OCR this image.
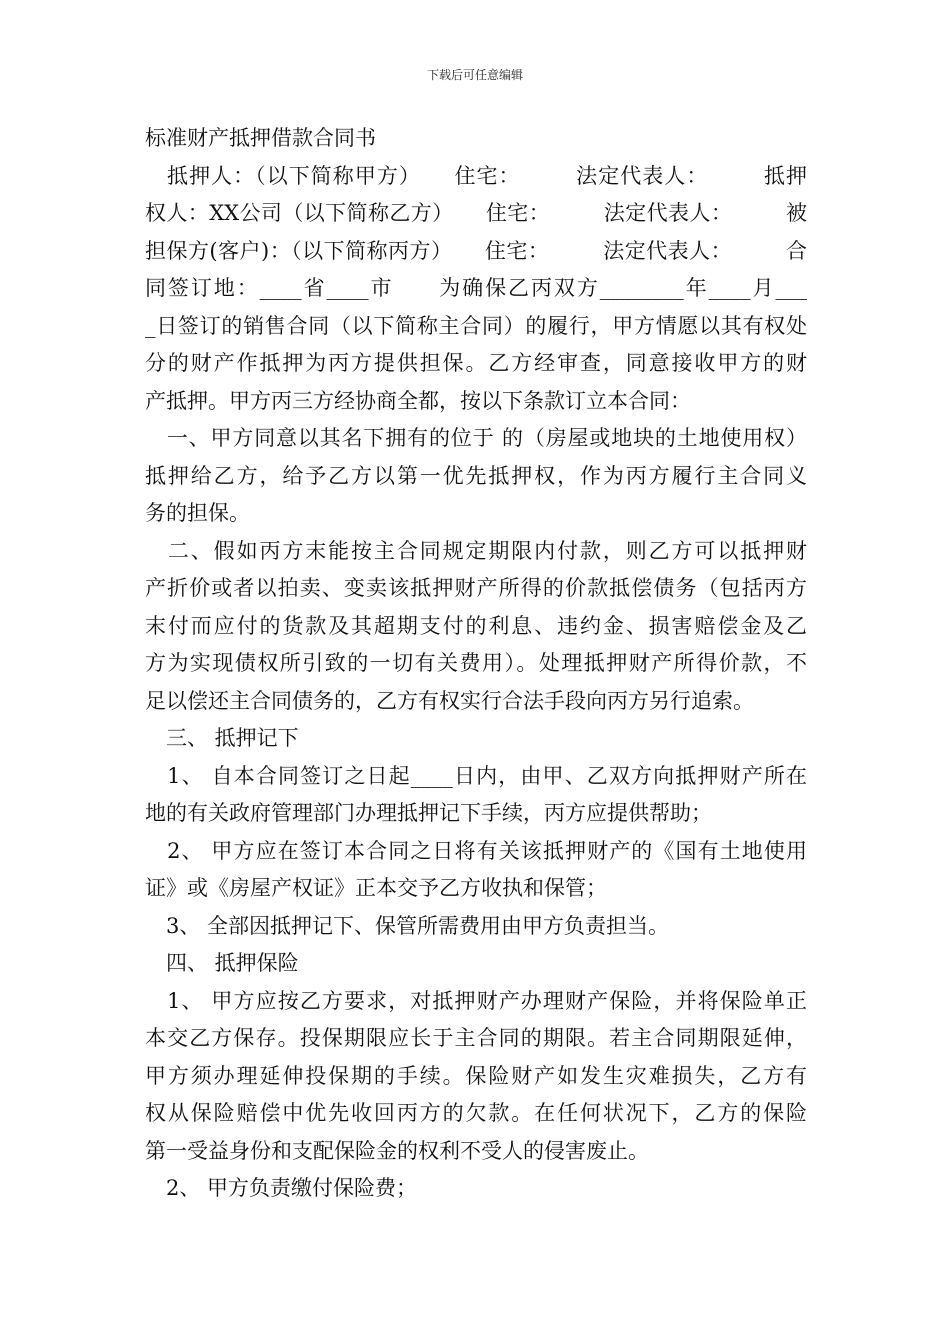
下载后可任意编辑
标准财产抵押借款合同书
　抵押人：（以下简称甲方）　　住宅：　　　法定代表人：　　　抵押
权人：XX公司（以下简称乙方）　　住宅：　　　法定代表人：　　　被
担保方(客户)：（以下简称丙方）　　住宅：　　　法定代表人：　　　合
同签订地：____省____市　　为确保乙丙双方________年____月___
_日签订的销售合同（以下简称主合同）的履行，甲方情愿以其有权处
分的财产作抵押为丙方提供担保。乙方经审查，同意接收甲方的财
产抵押。甲方丙三方经协商全都，按以下条款订立本合同：
　一、甲方同意以其名下拥有的位于 的（房屋或地块的土地使用权）
抵押给乙方，给予乙方以第一优先抵押权，作为丙方履行主合同义
务的担保。
　二、假如丙方末能按主合同规定期限内付款，则乙方可以抵押财
产折价或者以拍卖、变卖该抵押财产所得的价款抵偿债务（包括丙方
末付而应付的货款及其超期支付的利息、违约金、损害赔偿金及乙
方为实现债权所引致的一切有关费用）。处理抵押财产所得价款，不
足以偿还主合同债务的，乙方有权实行合法手段向丙方另行追索。
　三、 抵押记下
　1、 自本合同签订之日起____日内，由甲、乙双方向抵押财产所在
地的有关政府管理部门办理抵押记下手续，丙方应提供帮助；
　2、 甲方应在签订本合同之日将有关该抵押财产的《国有土地使用
证》或《房屋产权证》正本交予乙方收执和保管；
　3、 全部因抵押记下、保管所需费用由甲方负责担当。
　四、 抵押保险
　1、 甲方应按乙方要求，对抵押财产办理财产保险，并将保险单正
本交乙方保存。投保期限应长于主合同的期限。若主合同期限延伸，
甲方须办理延伸投保期的手续。保险财产如发生灾难损失，乙方有
权从保险赔偿中优先收回丙方的欠款。在任何状况下，乙方的保险
第一受益身份和支配保险金的权利不受人的侵害废止。
　2、 甲方负责缴付保险费；
